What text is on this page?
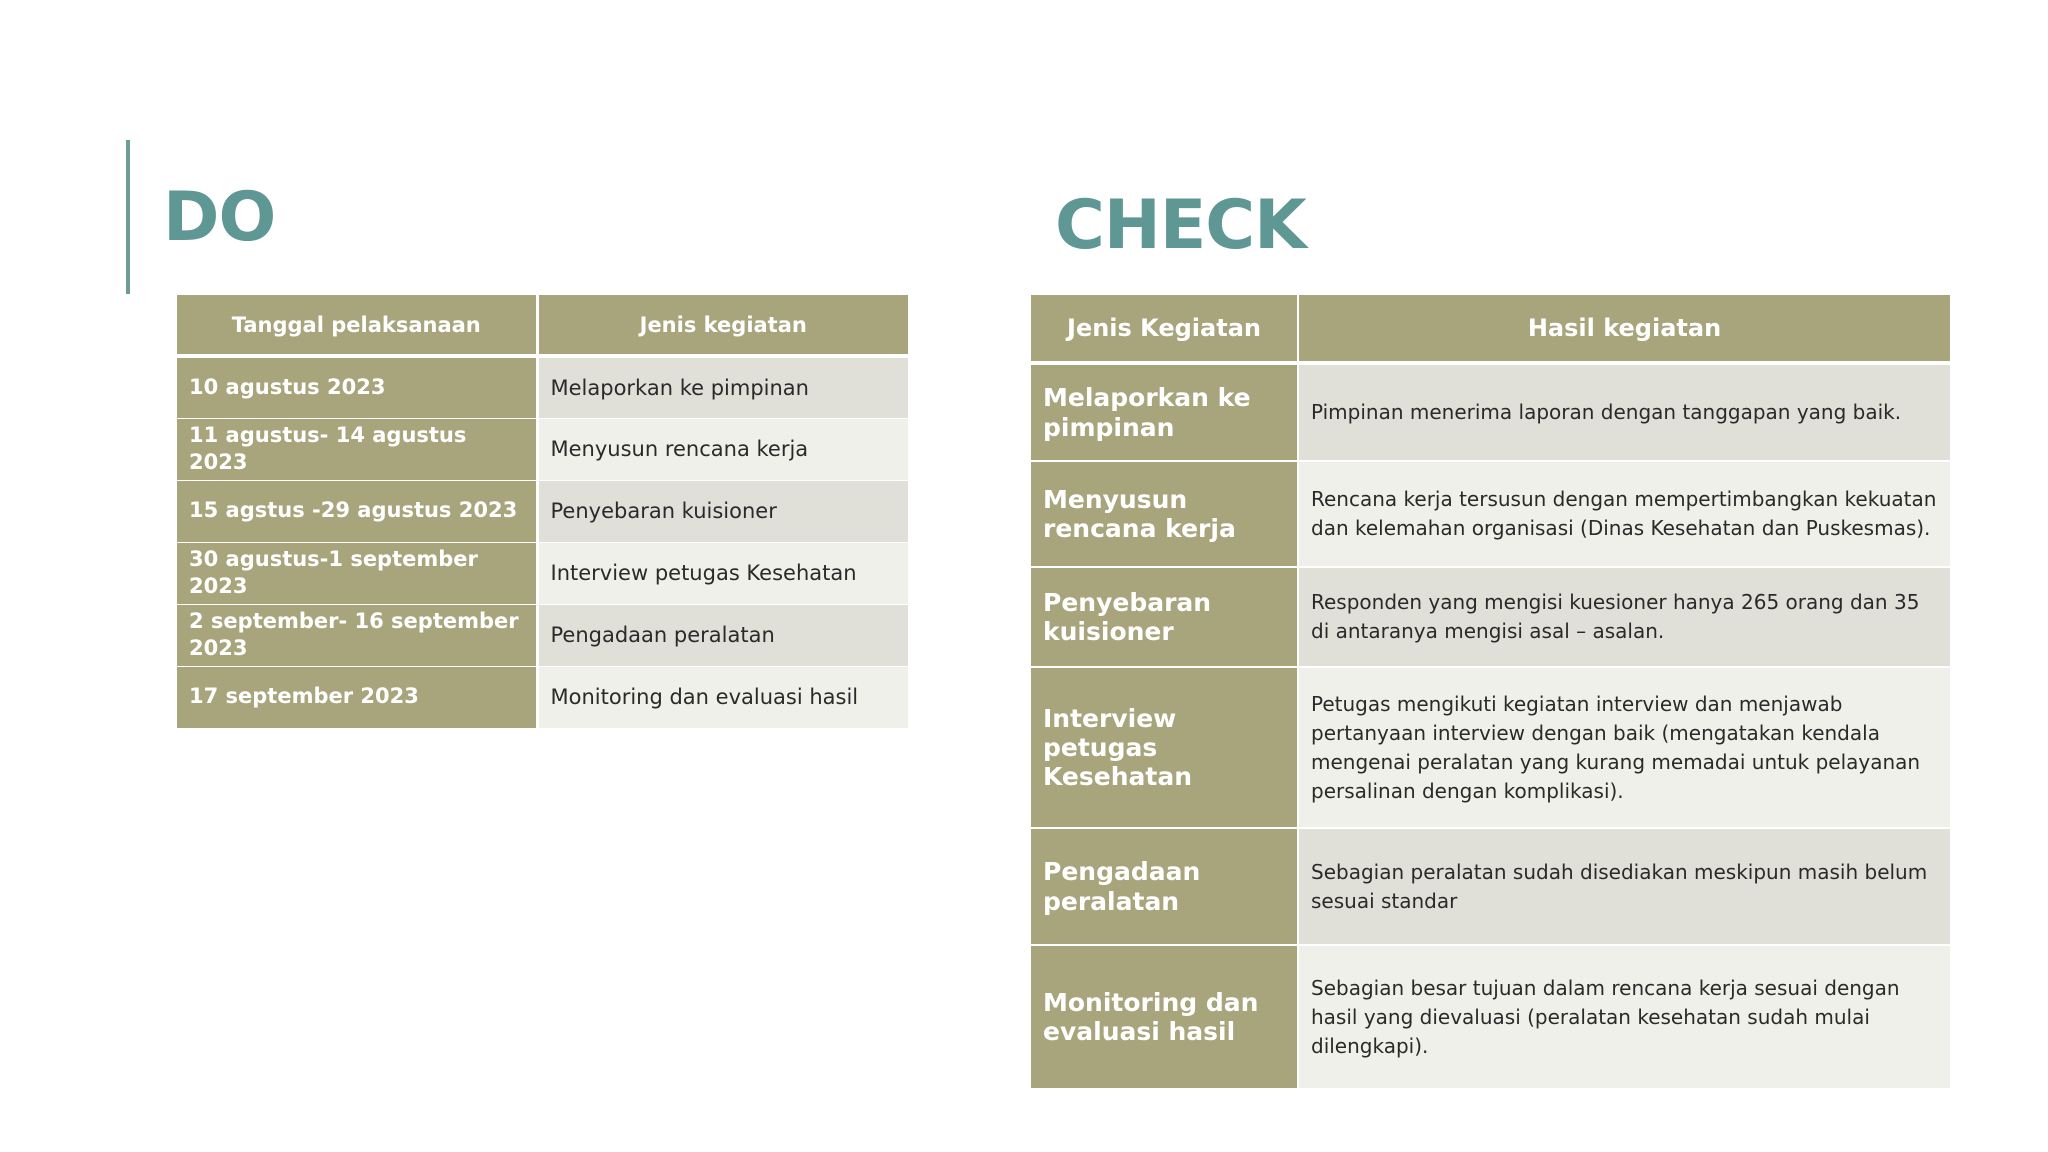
DO
Tanggal pelaksanaan	Jenis kegiatan
10 agustus 2023	Melaporkan ke pimpinan
11 agustus- 14 agustus 2023	Menyusun rencana kerja
15 agstus -29 agustus 2023	Penyebaran kuisioner
30 agustus-1 september 2023	Interview petugas Kesehatan
2 september- 16 september 2023	Pengadaan peralatan
17 september 2023	Monitoring dan evaluasi hasil
CHECK
Jenis Kegiatan	Hasil kegiatan
Melaporkan ke pimpinan	Pimpinan menerima laporan dengan tanggapan yang baik.
Menyusun rencana kerja	Rencana kerja tersusun dengan mempertimbangkan kekuatan dan kelemahan organisasi (Dinas Kesehatan dan Puskesmas).
Penyebaran kuisioner	Responden yang mengisi kuesioner hanya 265 orang dan 35 di antaranya mengisi asal – asalan.
Interview petugas Kesehatan	Petugas mengikuti kegiatan interview dan menjawab pertanyaan interview dengan baik (mengatakan kendala mengenai peralatan yang kurang memadai untuk pelayanan persalinan dengan komplikasi).
Pengadaan peralatan	Sebagian peralatan sudah disediakan meskipun masih belum sesuai standar
Monitoring dan evaluasi hasil	Sebagian besar tujuan dalam rencana kerja sesuai dengan hasil yang dievaluasi (peralatan kesehatan sudah mulai dilengkapi).
